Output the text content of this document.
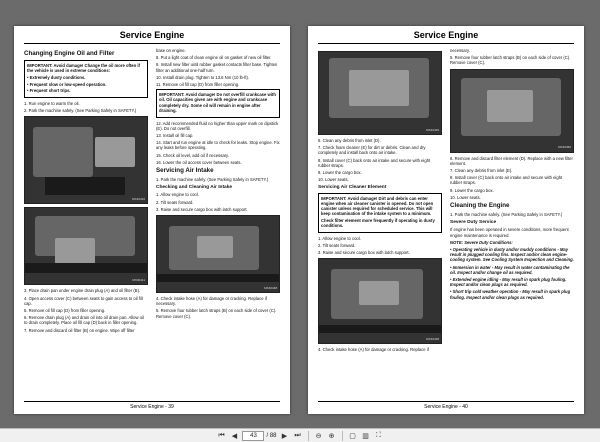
Service Engine
Changing Engine Oil and Filter

IMPORTANT: Avoid damage! Change the oil more often if the vehicle is used in extreme conditions:

• Extremely dusty conditions.

• Frequent slow or low-speed operation.

• Frequent short trips.

1. Run engine to warm the oil.

2. Park the machine safely. (See Parking Safely in SAFETY.)

MX40410
MX40411

3. Place drain pan under engine drain plug (A) and oil filter (B).

4. Open access cover (C) between seats to gain access to oil fill cap.

5. Remove oil fill cap (D) from filler opening.

6. Remove drain plug (A) and drain oil into oil drain pan. Allow oil to drain completely. Place oil fill cap (D) back in filler opening.

7. Remove and discard oil filter (B) on engine. Wipe off filter

base on engine.

8. Put a light coat of clean engine oil on gasket of new oil filter.

9. Install new filter until rubber gasket contacts filter base. Tighten filter an additional one-half turn.

10. Install drain plug. Tighten to 13.6 Nm (10 lb-ft).

11. Remove oil fill cap (D) from filler opening.

IMPORTANT: Avoid damage! Do not overfill crankcase with oil. Oil capacities given are with engine and crankcase completely dry. Some oil will remain in engine after draining.

12. Add recommended fluid no higher than upper mark on dipstick (E). Do not overfill.

13. Install oil fill cap.

14. Start and run engine at idle to check for leaks. Stop engine. Fix any leaks before operating.

15. Check oil level, add oil if necessary.

16. Lower the oil access cover between seats.

Servicing Air Intake

1. Park the machine safely. (See Parking Safely in SAFETY.)

Checking and Cleaning Air Intake

1. Allow engine to cool.

2. Tilt seats forward.

3. Raise and secure cargo box with latch support.

MX40448

4. Check intake hose (A) for damage or cracking. Replace if necessary.

5. Remove four rubber latch straps (B) on each side of cover (C). Remove cover (C).

Service Engine - 39
Service Engine
MX40449

6. Clean any debris from inlet (D).

7. Check foam cleaner (E) for dirt or debris. Clean and dry completely and install back onto air intake.

8. Install cover (C) back onto air intake and secure with eight rubber straps.

9. Lower the cargo box.

10. Lower seats.

Servicing Air Cleaner Element

IMPORTANT: Avoid damage! Dirt and debris can enter engine when air cleaner canister is opened. Do not open canister unless required for scheduled service. This will keep contamination of the intake system to a minimum.

Check filter element more frequently if operating in dusty conditions.

1. Allow engine to cool.

2. Tilt seats forward.

3. Raise and secure cargo box with latch support.

MX40448

4. Check intake hose (A) for damage or cracking. Replace if

necessary.

5. Remove four rubber latch straps (B) on each side of cover (C). Remove cover (C).

MX40450

6. Remove and discard filter element (D). Replace with a new filter element.

7. Clean any debris from inlet (E).

8. Install cover (C) back onto air intake and secure with eight rubber straps.

9. Lower the cargo box.

10. Lower seats.

Cleaning the Engine

1. Park the machine safely. (See Parking Safely in SAFETY.)

Severe Duty Service

If engine has been operated in severe conditions, more frequent engine maintenance is required.

NOTE: Severe Duty Conditions:

• Operating vehicle in dusty and/or muddy conditions - May result in plugged cooling fins. Inspect and/or clean engine-cooling system. See Cooling System Inspection and Cleaning.

• Immersion in water - May result in water contaminating the oil. Inspect and/or change oil as required.

• Extended engine idling - May result in spark plug fouling. Inspect and/or clean plugs as required.

• Short trip cold weather operation - May result in spark plug fouling. Inspect and/or clean plugs as required.

Service Engine - 40
⏮	◀	43	/ 88 ▶	⏭ ⊖ ⊕ ▢ ▥	⛶
